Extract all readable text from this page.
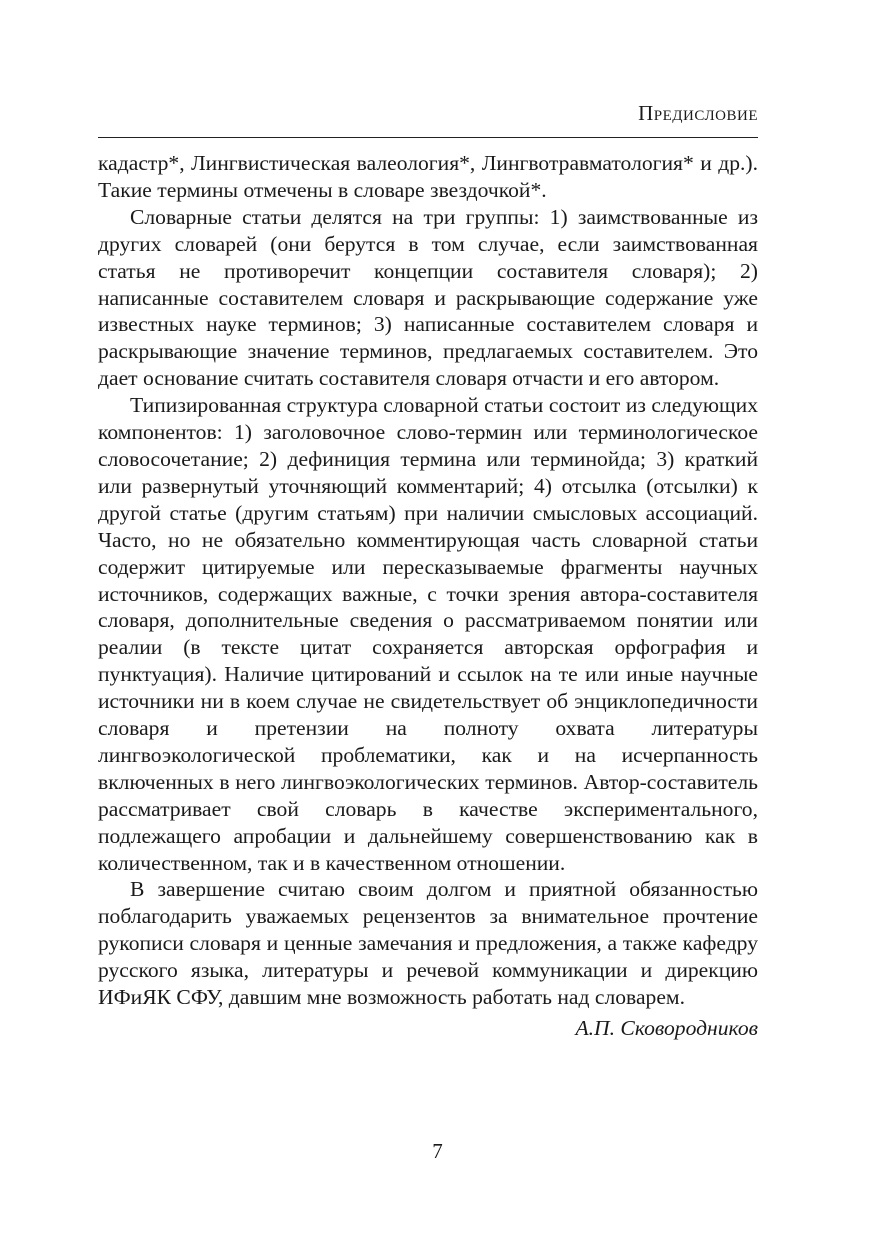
Предисловие

кадастр*, Лингвистическая валеология*, Лингвотравматология* и др.). Такие термины отмечены в словаре звездочкой*.

Словарные статьи делятся на три группы: 1) заимствованные из других словарей (они берутся в том случае, если заимствованная статья не противоречит концепции составителя словаря); 2) написанные составителем словаря и раскрывающие содержание уже известных науке терминов; 3) написанные составителем словаря и раскрывающие значение терминов, предлагаемых составителем. Это дает основание считать составителя словаря отчасти и его автором.

Типизированная структура словарной статьи состоит из следующих компонентов: 1) заголовочное слово-термин или терминологическое словосочетание; 2) дефиниция термина или терминойда; 3) краткий или развернутый уточняющий комментарий; 4) отсылка (отсылки) к другой статье (другим статьям) при наличии смысловых ассоциаций. Часто, но не обязательно комментирующая часть словарной статьи содержит цитируемые или пересказываемые фрагменты научных источников, содержащих важные, с точки зрения автора-составителя словаря, дополнительные сведения о рассматриваемом понятии или реалии (в тексте цитат сохраняется авторская орфография и пунктуация). Наличие цитирований и ссылок на те или иные научные источники ни в коем случае не свидетельствует об энциклопедичности словаря и претензии на полноту охвата литературы лингвоэкологической проблематики, как и на исчерпанность включенных в него лингвоэкологических терминов. Автор-составитель рассматривает свой словарь в качестве экспериментального, подлежащего апробации и дальнейшему совершенствованию как в количественном, так и в качественном отношении.

В завершение считаю своим долгом и приятной обязанностью поблагодарить уважаемых рецензентов за внимательное прочтение рукописи словаря и ценные замечания и предложения, а также кафедру русского языка, литературы и речевой коммуникации и дирекцию ИФиЯК СФУ, давшим мне возможность работать над словарем.

А.П. Сковородников

7
